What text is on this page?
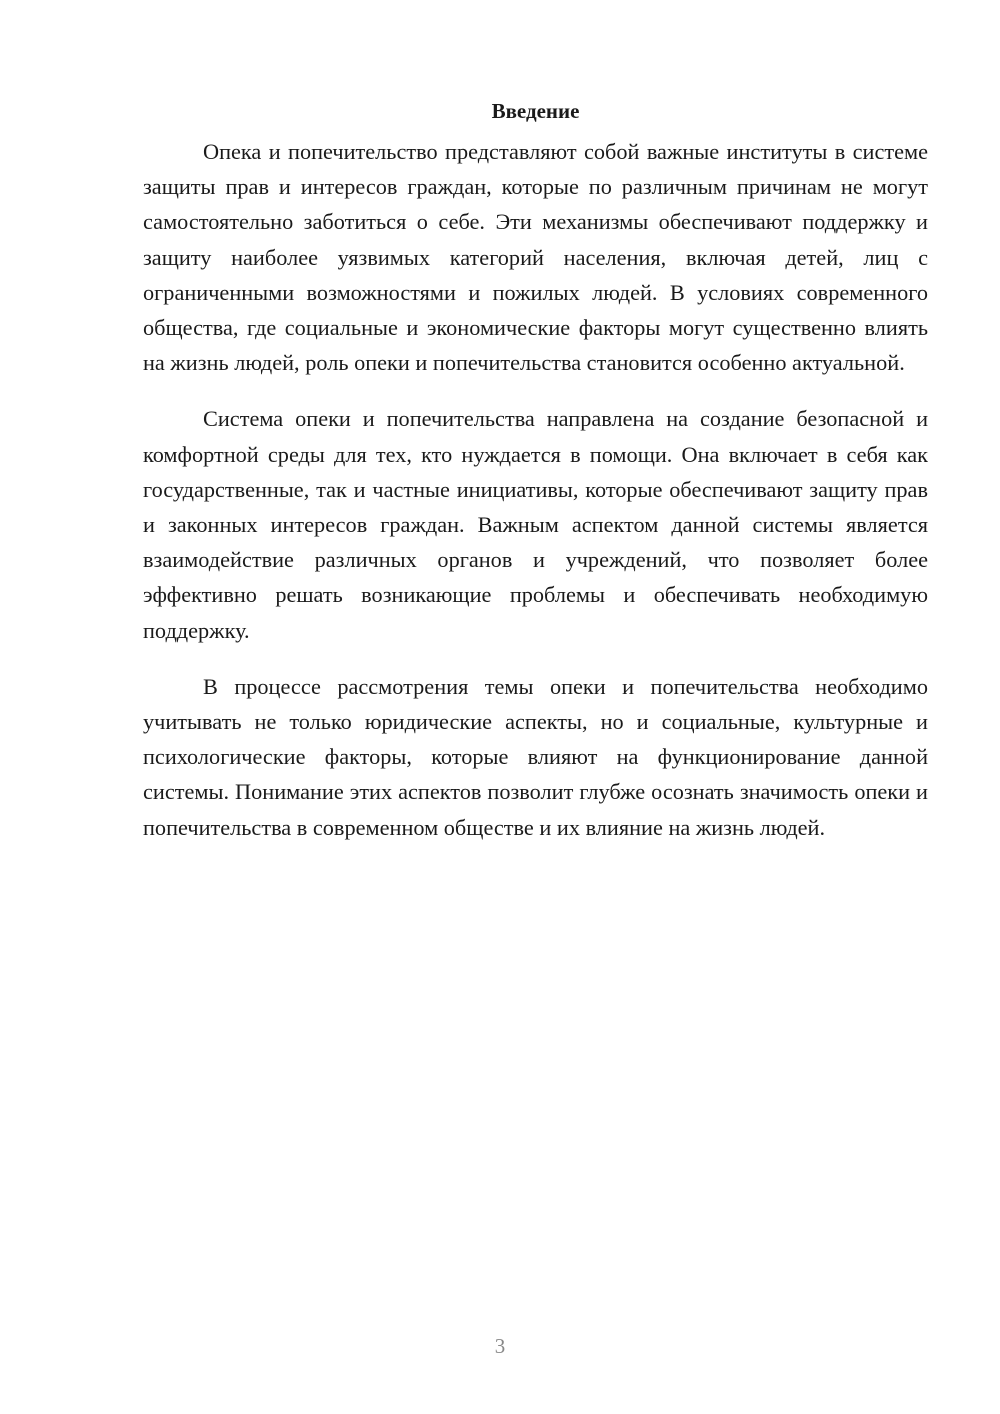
Введение

Опека и попечительство представляют собой важные институты в системе защиты прав и интересов граждан, которые по различным причинам не могут самостоятельно заботиться о себе. Эти механизмы обеспечивают поддержку и защиту наиболее уязвимых категорий населения, включая детей, лиц с ограниченными возможностями и пожилых людей. В условиях современного общества, где социальные и экономические факторы могут существенно влиять на жизнь людей, роль опеки и попечительства становится особенно актуальной.

Система опеки и попечительства направлена на создание безопасной и комфортной среды для тех, кто нуждается в помощи. Она включает в себя как государственные, так и частные инициативы, которые обеспечивают защиту прав и законных интересов граждан. Важным аспектом данной системы является взаимодействие различных органов и учреждений, что позволяет более эффективно решать возникающие проблемы и обеспечивать необходимую поддержку.

В процессе рассмотрения темы опеки и попечительства необходимо учитывать не только юридические аспекты, но и социальные, культурные и психологические факторы, которые влияют на функционирование данной системы. Понимание этих аспектов позволит глубже осознать значимость опеки и попечительства в современном обществе и их влияние на жизнь людей.

3
